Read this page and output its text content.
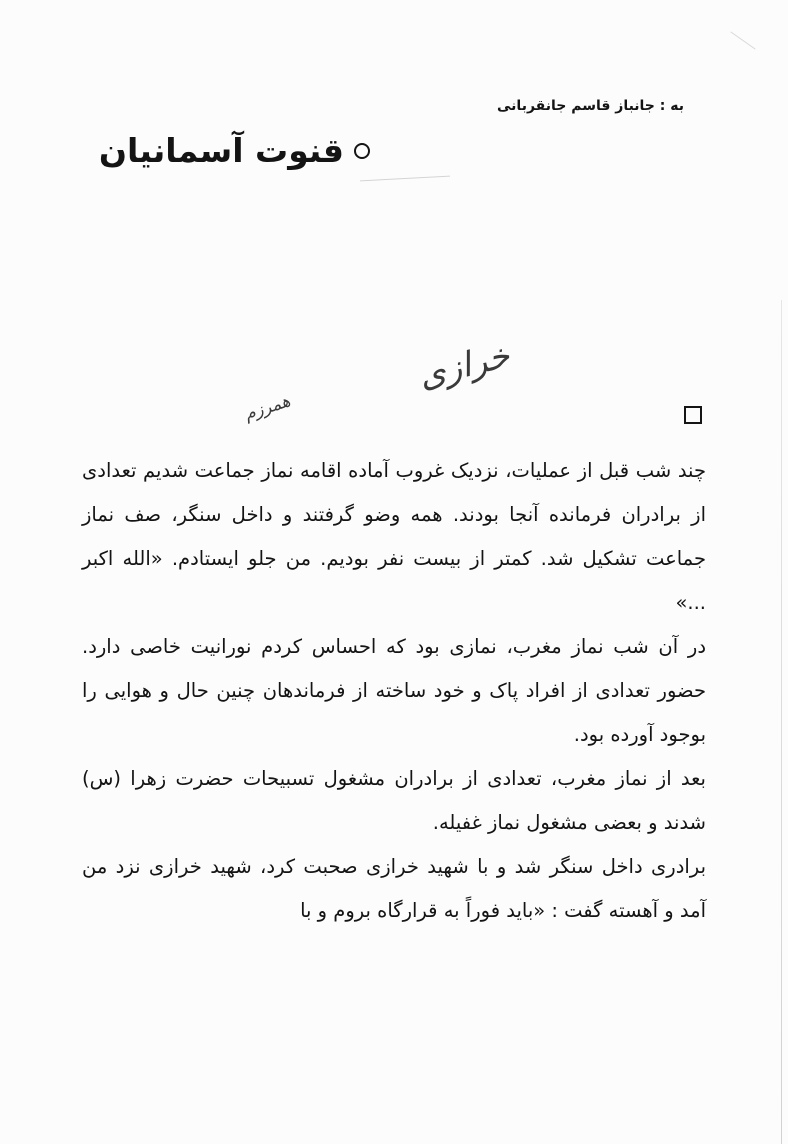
به : جانباز قاسم جانقربانی
قنوت آسمانیان
خرازی
همرزم

چند شب قبل از عملیات، نزدیک غروب آماده اقامه نماز جماعت شدیم تعدادی از برادران فرمانده آنجا بودند. همه وضو گرفتند و داخل سنگر، صف نماز جماعت تشکیل شد. کمتر از بیست نفر بودیم. من جلو ایستادم. «الله اکبر ...»

در آن شب نماز مغرب، نمازی بود که احساس کردم نورانیت خاصی دارد. حضور تعدادی از افراد پاک و خود ساخته از فرماندهان چنین حال و هوایی را بوجود آورده بود.

بعد از نماز مغرب، تعدادی از برادران مشغول تسبیحات حضرت زهرا (س) شدند و بعضی مشغول نماز غفیله.

برادری داخل سنگر شد و با شهید خرازی صحبت کرد، شهید خرازی نزد من آمد و آهسته گفت : «باید فوراً به قرارگاه بروم و با
